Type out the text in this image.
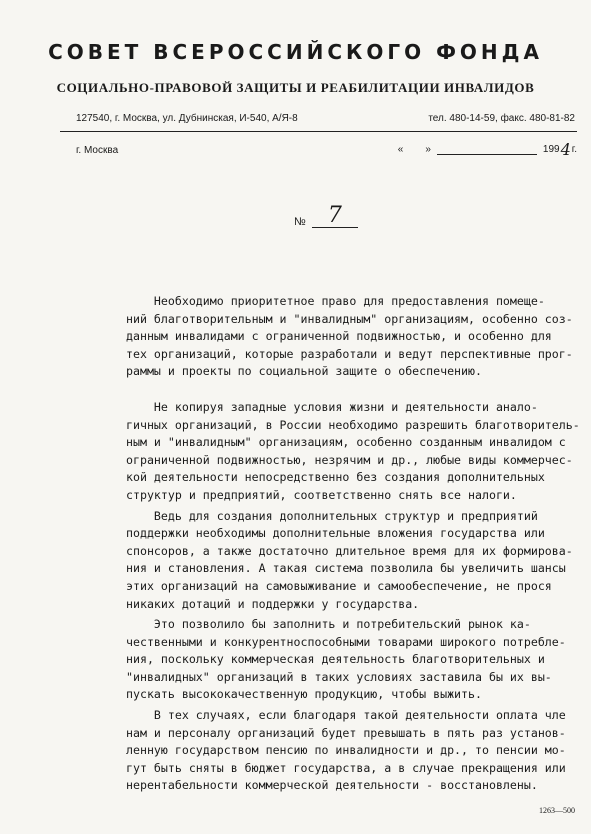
СОВЕТ ВСЕРОССИЙСКОГО ФОНДА
СОЦИАЛЬНО-ПРАВОВОЙ ЗАЩИТЫ И РЕАБИЛИТАЦИИ ИНВАЛИДОВ
127540, г. Москва, ул. Дубнинская, И-540, А/Я-8	тел. 480-14-59, факс. 480-81-82
г. Москва	« »	199 4 г.
№	7
Необходимо приоритетное право для предоставления помеще-
ний благотворительным и "инвалидным" организациям, особенно соз-
данным инвалидами с ограниченной подвижностью, и особенно для
тех организаций, которые разработали и ведут перспективные прог-
раммы и проекты по социальной защите о обеспечению.
Не копируя западные условия жизни и деятельности анало-
гичных организаций, в России необходимо разрешить благотворитель-
ным и "инвалидным" организациям, особенно созданным инвалидом с
ограниченной подвижностью, незрячим и др., любые виды коммерчес-
кой деятельности непосредственно без создания дополнительных
структур и предприятий, соответственно снять все налоги.
Ведь для создания дополнительных структур и предприятий
поддержки необходимы дополнительные вложения государства или
спонсоров, а также достаточно длительное время для их формирова-
ния и становления. А такая система позволила бы увеличить шансы
этих организаций на самовыживание и самообеспечение, не прося
никаких дотаций и поддержки у государства.
Это позволило бы заполнить и потребительский рынок ка-
чественными и конкурентноспособными товарами широкого потребле-
ния, поскольку коммерческая деятельность благотворительных и
"инвалидных" организаций в таких условиях заставила бы их вы-
пускать высококачественную продукцию, чтобы выжить.
В тех случаях, если благодаря такой деятельности оплата чле
нам и персоналу организаций будет превышать в пять раз установ-
ленную государством пенсию по инвалидности и др., то пенсии мо-
гут быть сняты в бюджет государства, а в случае прекращения или
нерентабельности коммерческой деятельности - восстановлены.
1263—500
